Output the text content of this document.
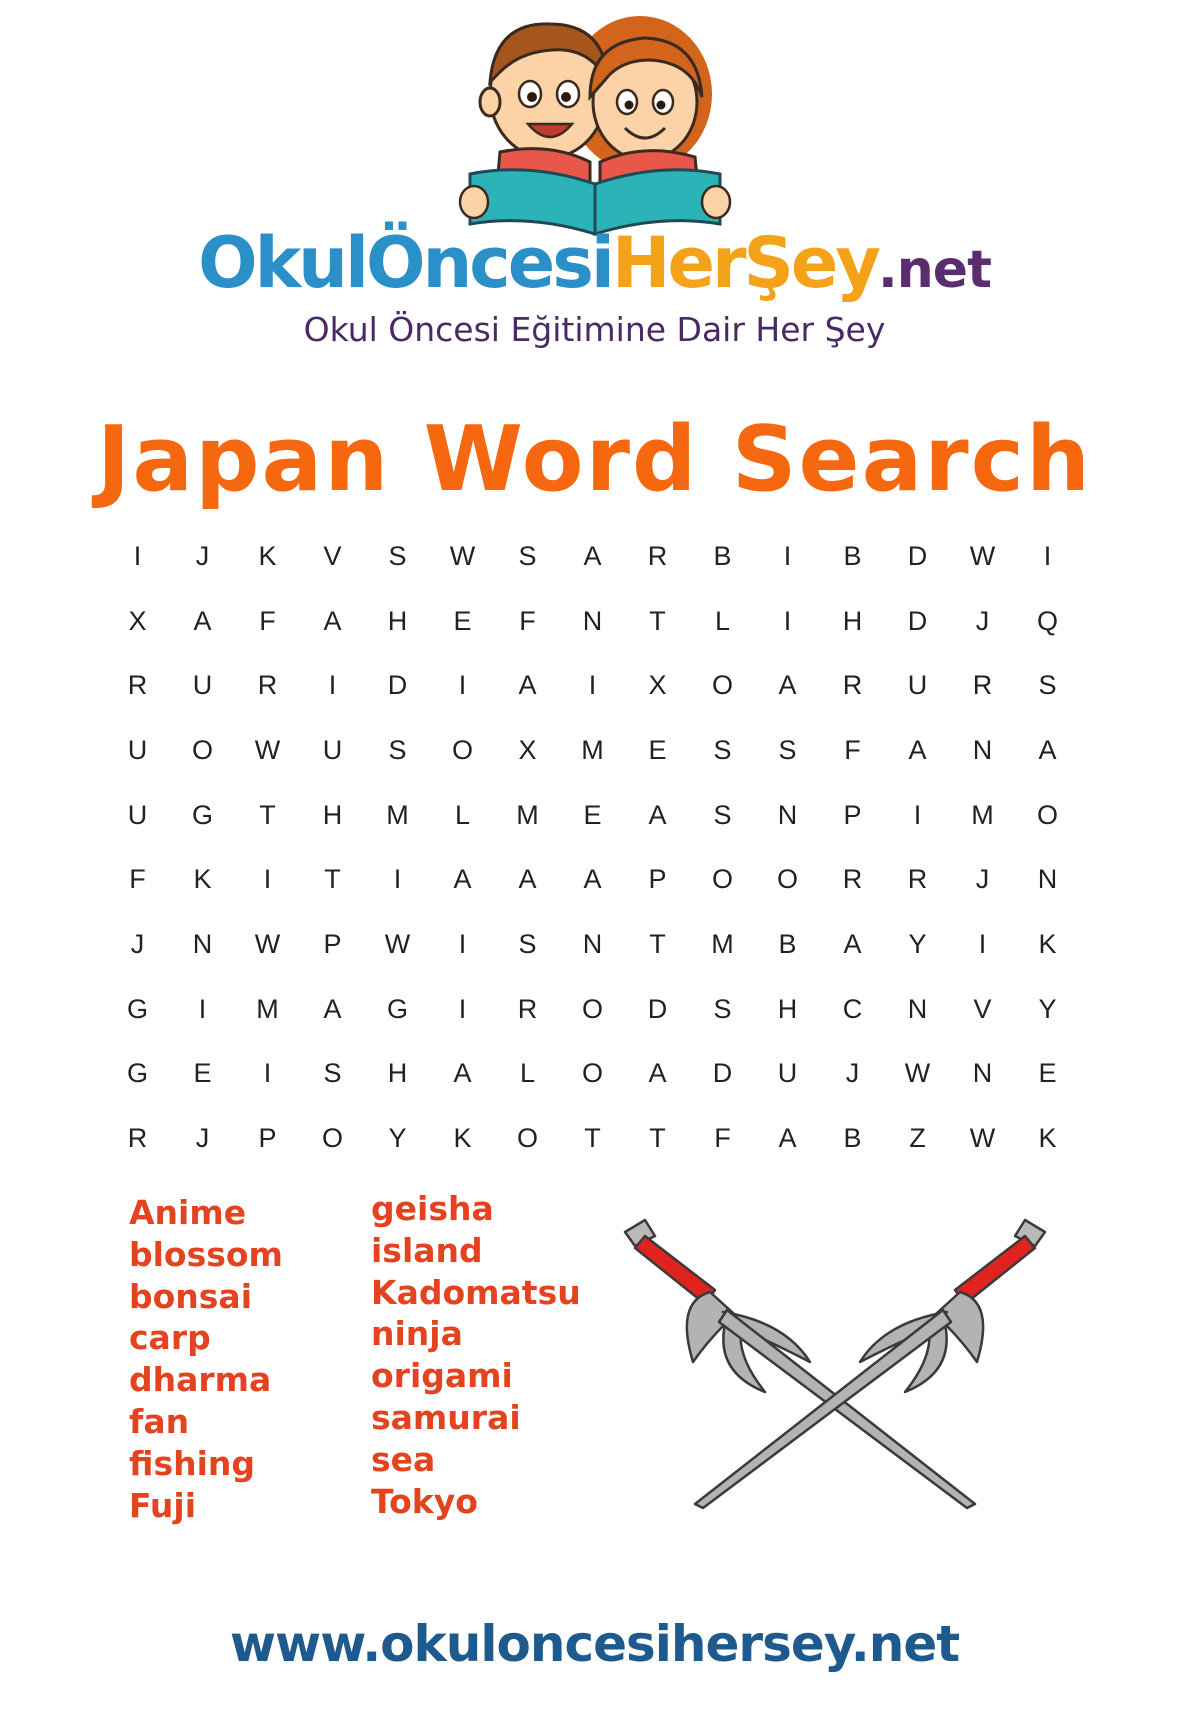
OkulÖncesiHerŞey.net
Okul Öncesi Eğitimine Dair Her Şey
Japan Word Search
I	J	K	V	S	W	S	A	R	B	I	B	D	W	I
X	A	F	A	H	E	F	N	T	L	I	H	D	J	Q
R	U	R	I	D	I	A	I	X	O	A	R	U	R	S
U	O	W	U	S	O	X	M	E	S	S	F	A	N	A
U	G	T	H	M	L	M	E	A	S	N	P	I	M	O
F	K	I	T	I	A	A	A	P	O	O	R	R	J	N
J	N	W	P	W	I	S	N	T	M	B	A	Y	I	K
G	I	M	A	G	I	R	O	D	S	H	C	N	V	Y
G	E	I	S	H	A	L	O	A	D	U	J	W	N	E
R	J	P	O	Y	K	O	T	T	F	A	B	Z	W	K
Anime
blossom
bonsai
carp
dharma
fan
fishing
Fuji
geisha
island
Kadomatsu
ninja
origami
samurai
sea
Tokyo
www.okuloncesihersey.net
